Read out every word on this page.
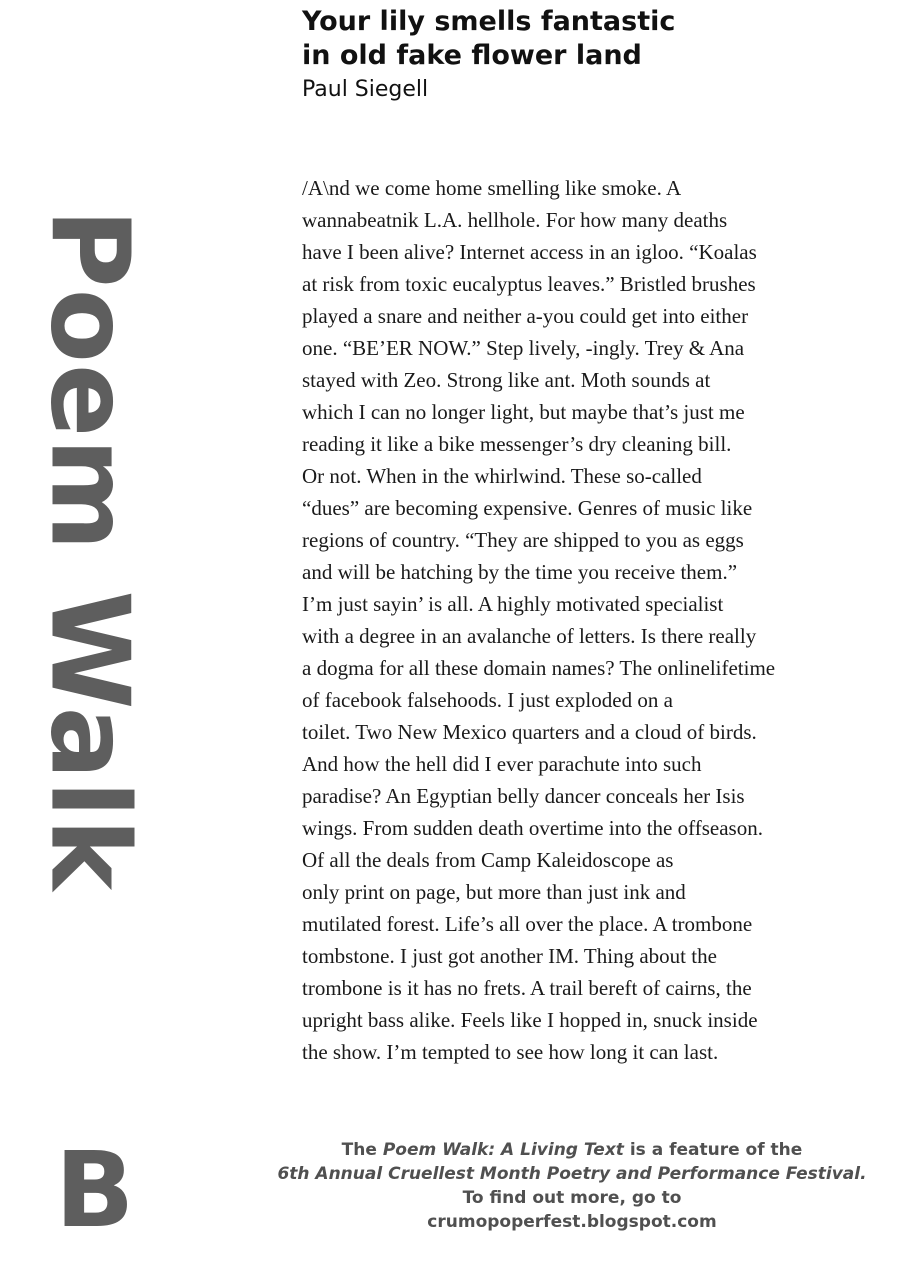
Poem Walk
B
Your lily smells fantastic
in old fake flower land
Paul Siegell
/A\nd we come home smelling like smoke. A
wannabeatnik L.A. hellhole. For how many deaths
have I been alive? Internet access in an igloo. “Koalas
at risk from toxic eucalyptus leaves.” Bristled brushes
played a snare and neither a-you could get into either
one. “BE’ER NOW.” Step lively, -ingly. Trey & Ana
stayed with Zeo. Strong like ant. Moth sounds at
which I can no longer light, but maybe that’s just me
reading it like a bike messenger’s dry cleaning bill.
Or not. When in the whirlwind. These so-called
“dues” are becoming expensive. Genres of music like
regions of country. “They are shipped to you as eggs
and will be hatching by the time you receive them.”
I’m just sayin’ is all. A highly motivated specialist
with a degree in an avalanche of letters. Is there really
a dogma for all these domain names? The onlinelifetime
of facebook falsehoods. I just exploded on a
toilet. Two New Mexico quarters and a cloud of birds.
And how the hell did I ever parachute into such
paradise? An Egyptian belly dancer conceals her Isis
wings. From sudden death overtime into the offseason.
Of all the deals from Camp Kaleidoscope as
only print on page, but more than just ink and
mutilated forest. Life’s all over the place. A trombone
tombstone. I just got another IM. Thing about the
trombone is it has no frets. A trail bereft of cairns, the
upright bass alike. Feels like I hopped in, snuck inside
the show. I’m tempted to see how long it can last.
The Poem Walk: A Living Text is a feature of the
6th Annual Cruellest Month Poetry and Performance Festival.
To find out more, go to
crumopoperfest.blogspot.com
